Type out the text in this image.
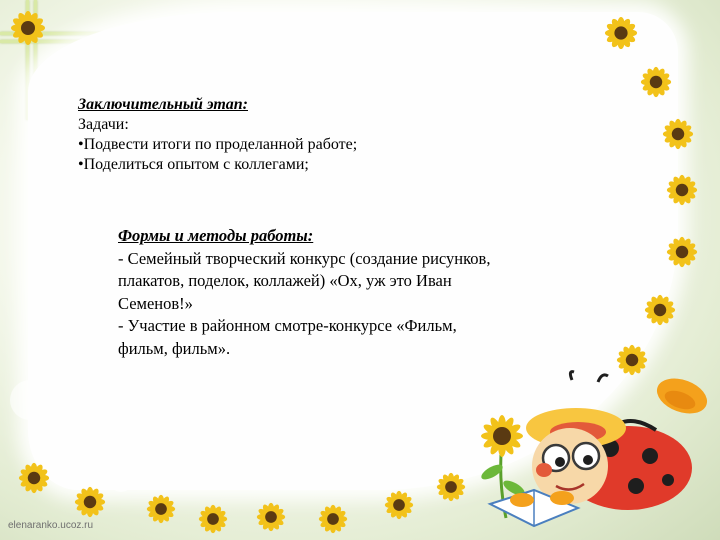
Заключительный этап:
Задачи:
•Подвести итоги по проделанной работе;
•Поделиться опытом с коллегами;
Формы и методы работы:
- Семейный творческий конкурс (создание рисунков,
плакатов, поделок, коллажей) «Ох, уж это Иван
Семенов!»
- Участие в районном смотре-конкурсе «Фильм,
фильм, фильм».
elenaranko.ucoz.ru
